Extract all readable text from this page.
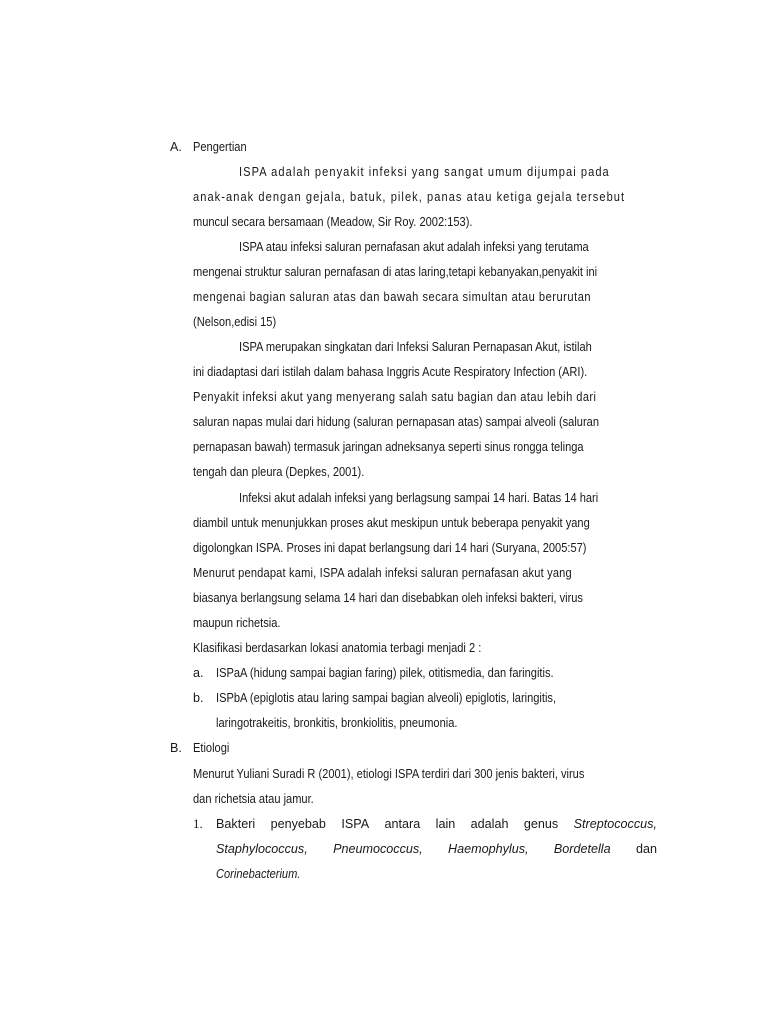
A. Pengertian
ISPA adalah penyakit infeksi yang sangat umum dijumpai pada
anak-anak dengan gejala, batuk, pilek, panas atau ketiga gejala tersebut
muncul secara bersamaan (Meadow, Sir Roy. 2002:153).
ISPA atau infeksi saluran pernafasan akut adalah infeksi yang terutama
mengenai struktur saluran pernafasan di atas laring,tetapi kebanyakan,penyakit ini
mengenai bagian saluran atas dan bawah secara simultan atau berurutan
(Nelson,edisi 15)
ISPA merupakan singkatan dari Infeksi Saluran Pernapasan Akut, istilah
ini diadaptasi dari istilah dalam bahasa Inggris Acute Respiratory Infection (ARI).
Penyakit infeksi akut yang menyerang salah satu bagian dan atau lebih dari
saluran napas mulai dari hidung (saluran pernapasan atas) sampai alveoli (saluran
pernapasan bawah) termasuk jaringan adneksanya seperti sinus rongga telinga
tengah dan pleura (Depkes, 2001).
Infeksi akut adalah infeksi yang berlagsung sampai 14 hari. Batas 14 hari
diambil untuk menunjukkan proses akut meskipun untuk beberapa penyakit yang
digolongkan ISPA. Proses ini dapat berlangsung dari 14 hari (Suryana, 2005:57)
Menurut pendapat kami, ISPA adalah infeksi saluran pernafasan akut yang
biasanya berlangsung selama 14 hari dan disebabkan oleh infeksi bakteri, virus
maupun richetsia.
Klasifikasi berdasarkan lokasi anatomia terbagi menjadi 2 :
a. ISPaA (hidung sampai bagian faring) pilek, otitismedia, dan faringitis.
b. ISPbA (epiglotis atau laring sampai bagian alveoli) epiglotis, laringitis,
laringotrakeitis, bronkitis, bronkiolitis, pneumonia.
B. Etiologi
Menurut Yuliani Suradi R (2001), etiologi ISPA terdiri dari 300 jenis bakteri, virus
dan richetsia atau jamur.
1. Bakteri penyebab ISPA antara lain adalah genus Streptococcus,
Staphylococcus, Pneumococcus, Haemophylus, Bordetella dan
Corinebacterium.
